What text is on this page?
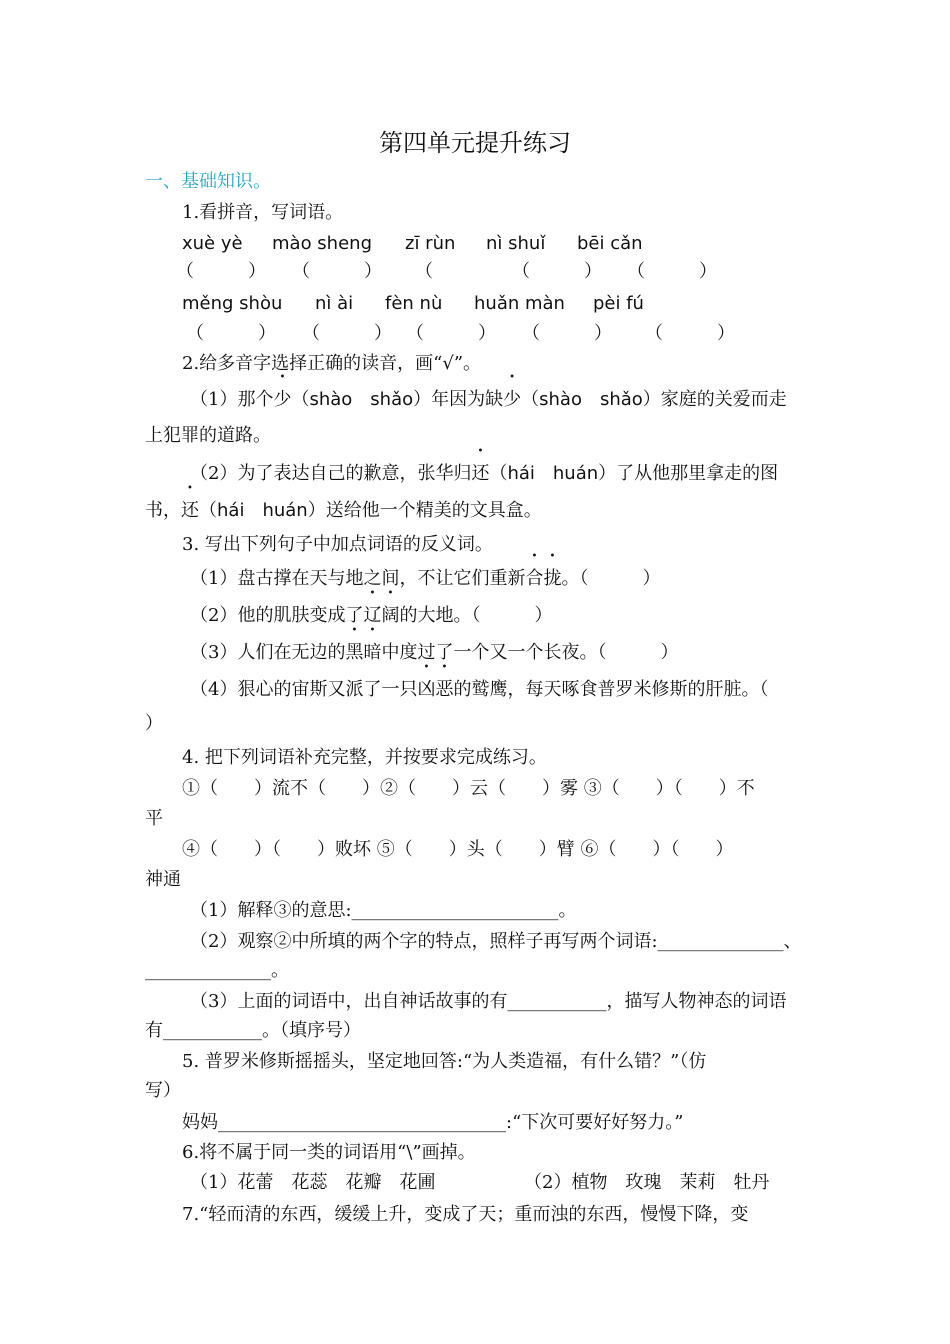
第四单元提升练习
一、基础知识。
1.看拼音，写词语。
xuè yè mào sheng zī rùn nì shuǐ bēi cǎn
（	） （	） （	（	） （	）
měng shòu nì ài fèn nù huǎn màn pèi fú
（	） （	） （	） （	） （	）
2.给多音字选择正确的读音，画“√”。
（1）那个少（shào　shǎo）年因为缺少（shào　shǎo）家庭的关爱而走
上犯罪的道路。
（2）为了表达自己的歉意，张华归还（hái　huán）了从他那里拿走的图
书，还（hái　huán）送给他一个精美的文具盒。
3. 写出下列句子中加点词语的反义词。
（1）盘古撑在天与地之间，不让它们重新合拢。（　　　）
（2）他的肌肤变成了辽阔的大地。（　　　）
（3）人们在无边的黑暗中度过了一个又一个长夜。（　　　）
（4）狠心的宙斯又派了一只凶恶的鹫鹰，每天啄食普罗米修斯的肝脏。（
）
4. 把下列词语补充完整，并按要求完成练习。
①（　　）流不（　　）②（　　）云（　　）雾 ③（　　）（　　）不
平
④（　　）（　　）败坏 ⑤（　　）头（　　）臂 ⑥（　　）（　　）
神通
（1）解释③的意思:_______________________。
（2）观察②中所填的两个字的特点，照样子再写两个词语:______________、
______________。
（3）上面的词语中，出自神话故事的有___________，描写人物神态的词语
有___________。（填序号）
5. 普罗米修斯摇摇头，坚定地回答:“为人类造福，有什么错？”（仿
写）
妈妈________________________________:“下次可要好好努力。”
6.将不属于同一类的词语用“\”画掉。
（1）花蕾　花蕊　花瓣　花圃	（2）植物　玫瑰　茉莉　牡丹
7.“轻而清的东西，缓缓上升，变成了天；重而浊的东西，慢慢下降，变
